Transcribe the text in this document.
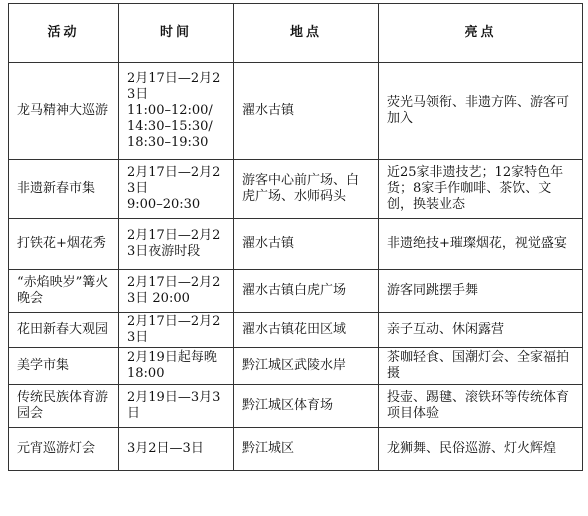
活动	时间	地点	亮点

龙马精神大巡游	2月17日—2月23日
11:00–12:00/
14:30–15:30/
18:30–19:30	濯水古镇	荧光马领衔、非遗方阵、游客可加入

非遗新春市集	2月17日—2月23日
9:00–20:30	游客中心前广场、白虎广场、水师码头	近25家非遗技艺；12家特色年货；8家手作咖啡、茶饮、文创，换装业态

打铁花+烟花秀	2月17日—2月23日夜游时段	濯水古镇	非遗绝技+璀璨烟花，视觉盛宴

“赤焰映岁”篝火晚会	2月17日—2月23日 20:00	濯水古镇白虎广场	游客同跳摆手舞

花田新春大观园	2月17日—2月23日	濯水古镇花田区域	亲子互动、休闲露营

美学市集	2月19日起每晚18:00	黔江城区武陵水岸	茶咖轻食、国潮灯会、全家福拍摄

传统民族体育游园会	2月19日—3月3日	黔江城区体育场	投壶、踢毽、滚铁环等传统体育项目体验

元宵巡游灯会	3月2日—3日	黔江城区	龙狮舞、民俗巡游、灯火辉煌
